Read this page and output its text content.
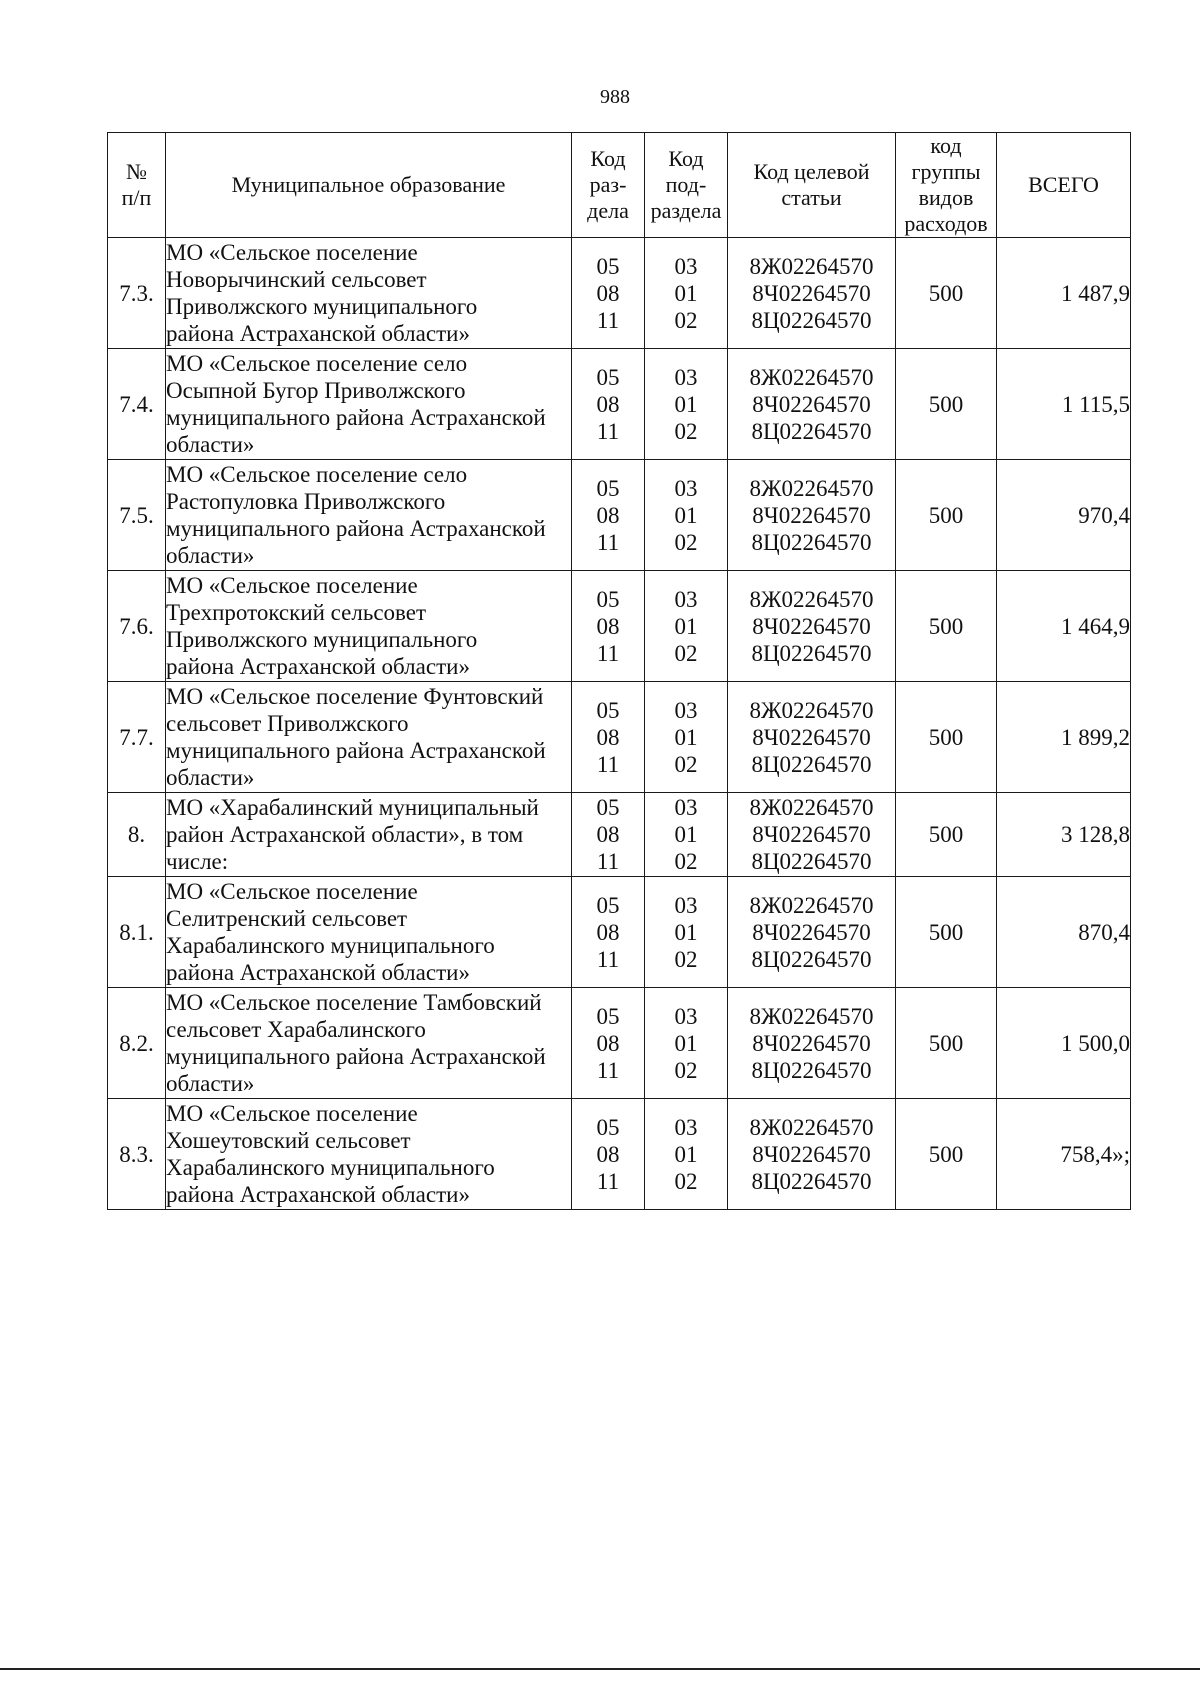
988
№
п/п	Муниципальное образование	Код
раз-
дела	Код
под-
раздела	Код целевой
статьи	код
группы
видов
расходов	ВСЕГО

7.3.	МО «Сельское поселение
Новорычинский сельсовет
Приволжского муниципального
района Астраханской области»	05
08
11	03
01
02	8Ж02264570
8Ч02264570
8Ц02264570	500	1 487,9
7.4.	МО «Сельское поселение село
Осыпной Бугор Приволжского
муниципального района Астраханской
области»	05
08
11	03
01
02	8Ж02264570
8Ч02264570
8Ц02264570	500	1 115,5
7.5.	МО «Сельское поселение село
Растопуловка Приволжского
муниципального района Астраханской
области»	05
08
11	03
01
02	8Ж02264570
8Ч02264570
8Ц02264570	500	970,4
7.6.	МО «Сельское поселение
Трехпротокский сельсовет
Приволжского муниципального
района Астраханской области»	05
08
11	03
01
02	8Ж02264570
8Ч02264570
8Ц02264570	500	1 464,9
7.7.	МО «Сельское поселение Фунтовский
сельсовет Приволжского
муниципального района Астраханской
области»	05
08
11	03
01
02	8Ж02264570
8Ч02264570
8Ц02264570	500	1 899,2
8.	МО «Харабалинский муниципальный
район Астраханской области», в том
числе:	05
08
11	03
01
02	8Ж02264570
8Ч02264570
8Ц02264570	500	3 128,8
8.1.	МО «Сельское поселение
Селитренский сельсовет
Харабалинского муниципального
района Астраханской области»	05
08
11	03
01
02	8Ж02264570
8Ч02264570
8Ц02264570	500	870,4
8.2.	МО «Сельское поселение Тамбовский
сельсовет Харабалинского
муниципального района Астраханской
области»	05
08
11	03
01
02	8Ж02264570
8Ч02264570
8Ц02264570	500	1 500,0
8.3.	МО «Сельское поселение
Хошеутовский сельсовет
Харабалинского муниципального
района Астраханской области»	05
08
11	03
01
02	8Ж02264570
8Ч02264570
8Ц02264570	500	758,4»;
